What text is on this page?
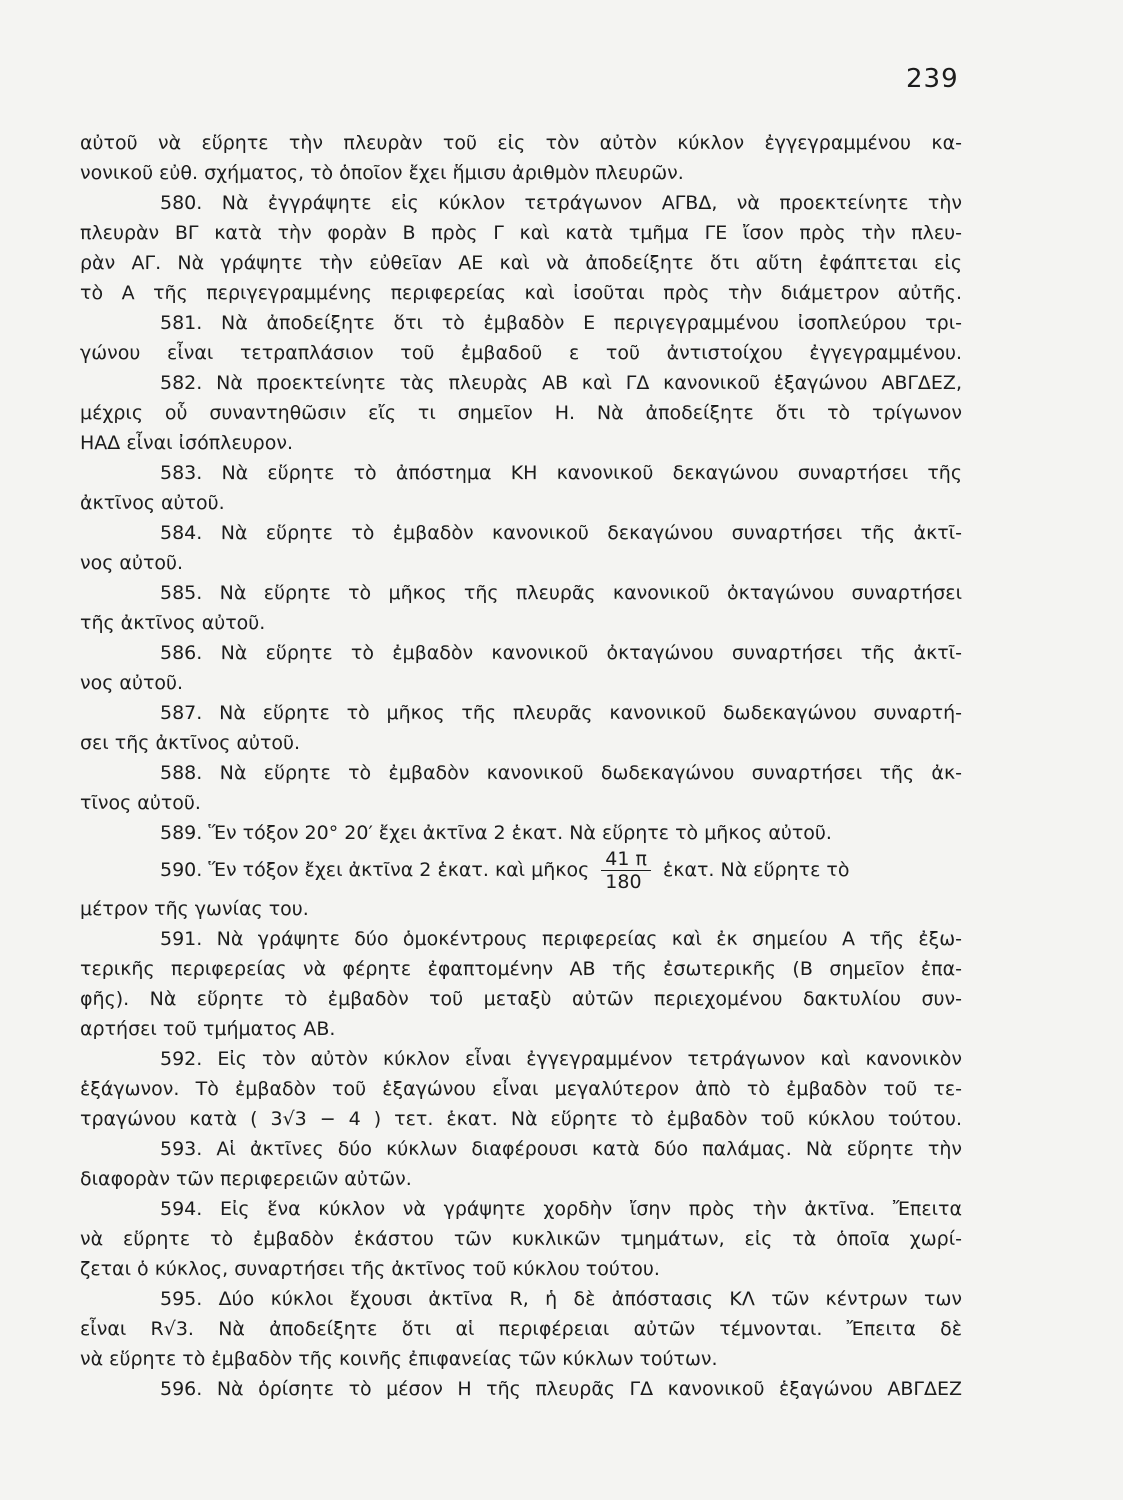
239
αὐτοῦ νὰ εὕρητε τὴν πλευρὰν τοῦ εἰς τὸν αὐτὸν κύκλον ἐγγεγραμμένου κα-
νονικοῦ εὐθ. σχήματος, τὸ ὁποῖον ἔχει ἥμισυ ἀριθμὸν πλευρῶν.
580. Νὰ ἐγγράψητε εἰς κύκλον τετράγωνον ΑΓΒΔ, νὰ προεκτείνητε τὴν
πλευρὰν ΒΓ κατὰ τὴν φορὰν Β πρὸς Γ καὶ κατὰ τμῆμα ΓΕ ἴσον πρὸς τὴν πλευ-
ρὰν ΑΓ. Νὰ γράψητε τὴν εὐθεῖαν ΑΕ καὶ νὰ ἀποδείξητε ὅτι αὕτη ἐφάπτεται εἰς
τὸ Α τῆς περιγεγραμμένης περιφερείας καὶ ἰσοῦται πρὸς τὴν διάμετρον αὐτῆς.
581. Νὰ ἀποδείξητε ὅτι τὸ ἐμβαδὸν Ε περιγεγραμμένου ἰσοπλεύρου τρι-
γώνου εἶναι τετραπλάσιον τοῦ ἐμβαδοῦ ε τοῦ ἀντιστοίχου ἐγγεγραμμένου.
582. Νὰ προεκτείνητε τὰς πλευρὰς ΑΒ καὶ ΓΔ κανονικοῦ ἑξαγώνου ΑΒΓΔΕΖ,
μέχρις οὗ συναντηθῶσιν εἴς τι σημεῖον Η. Νὰ ἀποδείξητε ὅτι τὸ τρίγωνον
ΗΑΔ εἶναι ἰσόπλευρον.
583. Νὰ εὕρητε τὸ ἀπόστημα ΚΗ κανονικοῦ δεκαγώνου συναρτήσει τῆς
ἀκτῖνος αὐτοῦ.
584. Νὰ εὕρητε τὸ ἐμβαδὸν κανονικοῦ δεκαγώνου συναρτήσει τῆς ἀκτῖ-
νος αὐτοῦ.
585. Νὰ εὕρητε τὸ μῆκος τῆς πλευρᾶς κανονικοῦ ὀκταγώνου συναρτήσει
τῆς ἀκτῖνος αὐτοῦ.
586. Νὰ εὕρητε τὸ ἐμβαδὸν κανονικοῦ ὀκταγώνου συναρτήσει τῆς ἀκτῖ-
νος αὐτοῦ.
587. Νὰ εὕρητε τὸ μῆκος τῆς πλευρᾶς κανονικοῦ δωδεκαγώνου συναρτή-
σει τῆς ἀκτῖνος αὐτοῦ.
588. Νὰ εὕρητε τὸ ἐμβαδὸν κανονικοῦ δωδεκαγώνου συναρτήσει τῆς ἀκ-
τῖνος αὐτοῦ.
589. Ἕν τόξον 20° 20′ ἔχει ἀκτῖνα 2 ἑκατ. Νὰ εὕρητε τὸ μῆκος αὐτοῦ.
590. Ἕν τόξον ἔχει ἀκτῖνα 2 ἑκατ. καὶ μῆκος $\frac{41 \pi}{180}$ ἑκατ. Νὰ εὕρητε τὸ
μέτρον τῆς γωνίας του.
591. Νὰ γράψητε δύο ὁμοκέντρους περιφερείας καὶ ἐκ σημείου Α τῆς ἐξω-
τερικῆς περιφερείας νὰ φέρητε ἐφαπτομένην ΑΒ τῆς ἐσωτερικῆς (Β σημεῖον ἐπα-
φῆς). Νὰ εὕρητε τὸ ἐμβαδὸν τοῦ μεταξὺ αὐτῶν περιεχομένου δακτυλίου συν-
αρτήσει τοῦ τμήματος ΑΒ.
592. Εἰς τὸν αὐτὸν κύκλον εἶναι ἐγγεγραμμένον τετράγωνον καὶ κανονικὸν
ἑξάγωνον. Τὸ ἐμβαδὸν τοῦ ἑξαγώνου εἶναι μεγαλύτερον ἀπὸ τὸ ἐμβαδὸν τοῦ τε-
τραγώνου κατὰ ( 3√3 − 4 ) τετ. ἑκατ. Νὰ εὕρητε τὸ ἐμβαδὸν τοῦ κύκλου τούτου.
593. Αἱ ἀκτῖνες δύο κύκλων διαφέρουσι κατὰ δύο παλάμας. Νὰ εὕρητε τὴν
διαφορὰν τῶν περιφερειῶν αὐτῶν.
594. Εἰς ἕνα κύκλον νὰ γράψητε χορδὴν ἴσην πρὸς τὴν ἀκτῖνα. Ἔπειτα
νὰ εὕρητε τὸ ἐμβαδὸν ἑκάστου τῶν κυκλικῶν τμημάτων, εἰς τὰ ὁποῖα χωρί-
ζεται ὁ κύκλος, συναρτήσει τῆς ἀκτῖνος τοῦ κύκλου τούτου.
595. Δύο κύκλοι ἔχουσι ἀκτῖνα R, ἡ δὲ ἀπόστασις ΚΛ τῶν κέντρων των
εἶναι R√3. Νὰ ἀποδείξητε ὅτι αἱ περιφέρειαι αὐτῶν τέμνονται. Ἔπειτα δὲ
νὰ εὕρητε τὸ ἐμβαδὸν τῆς κοινῆς ἐπιφανείας τῶν κύκλων τούτων.
596. Νὰ ὁρίσητε τὸ μέσον Η τῆς πλευρᾶς ΓΔ κανονικοῦ ἑξαγώνου ΑΒΓΔΕΖ
